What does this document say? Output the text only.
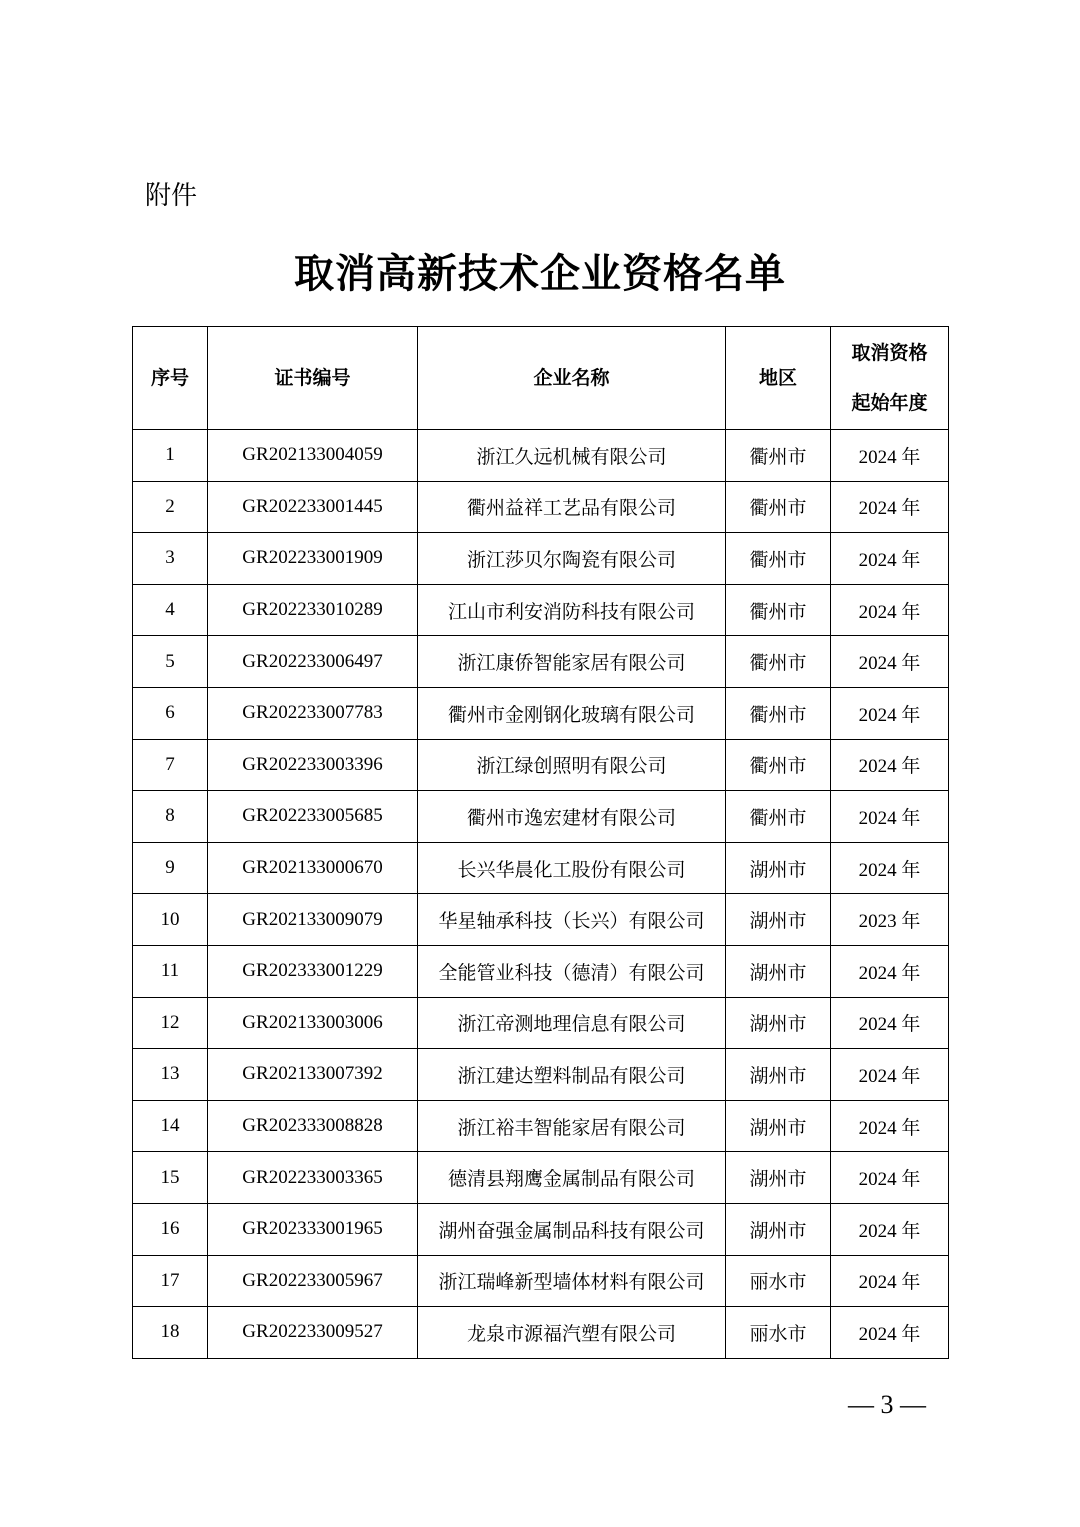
附件
取消高新技术企业资格名单
序号	证书编号	企业名称	地区	取消资格
起始年度

1	GR202133004059	浙江久远机械有限公司	衢州市	2024 年
2	GR202233001445	衢州益祥工艺品有限公司	衢州市	2024 年
3	GR202233001909	浙江莎贝尔陶瓷有限公司	衢州市	2024 年
4	GR202233010289	江山市利安消防科技有限公司	衢州市	2024 年
5	GR202233006497	浙江康侨智能家居有限公司	衢州市	2024 年
6	GR202233007783	衢州市金刚钢化玻璃有限公司	衢州市	2024 年
7	GR202233003396	浙江绿创照明有限公司	衢州市	2024 年
8	GR202233005685	衢州市逸宏建材有限公司	衢州市	2024 年
9	GR202133000670	长兴华晨化工股份有限公司	湖州市	2024 年
10	GR202133009079	华星轴承科技（长兴）有限公司	湖州市	2023 年
11	GR202333001229	全能管业科技（德清）有限公司	湖州市	2024 年
12	GR202133003006	浙江帝测地理信息有限公司	湖州市	2024 年
13	GR202133007392	浙江建达塑料制品有限公司	湖州市	2024 年
14	GR202333008828	浙江裕丰智能家居有限公司	湖州市	2024 年
15	GR202233003365	德清县翔鹰金属制品有限公司	湖州市	2024 年
16	GR202333001965	湖州奋强金属制品科技有限公司	湖州市	2024 年
17	GR202233005967	浙江瑞峰新型墙体材料有限公司	丽水市	2024 年
18	GR202233009527	龙泉市源福汽塑有限公司	丽水市	2024 年
— 3 —
